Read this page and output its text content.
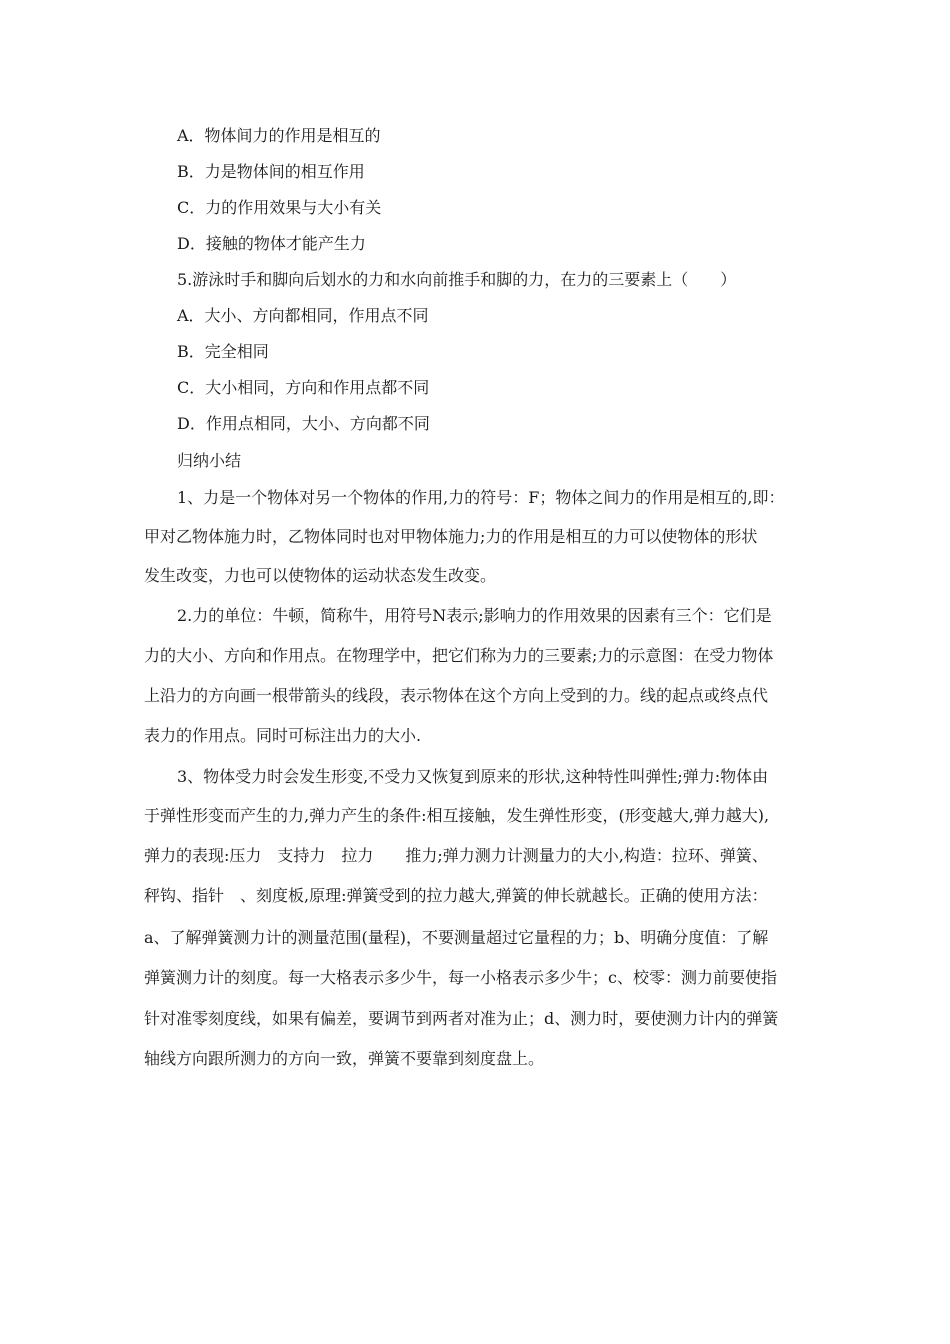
A．物体间力的作用是相互的
B．力是物体间的相互作用
C．力的作用效果与大小有关
D．接触的物体才能产生力
5.游泳时手和脚向后划水的力和水向前推手和脚的力，在力的三要素上（　　）
A．大小、方向都相同，作用点不同
B．完全相同
C．大小相同，方向和作用点都不同
D．作用点相同，大小、方向都不同
归纳小结
1、力是一个物体对另一个物体的作用,力的符号：F；物体之间力的作用是相互的,即：
甲对乙物体施力时，乙物体同时也对甲物体施力;力的作用是相互的力可以使物体的形状
发生改变，力也可以使物体的运动状态发生改变。
2.力的单位：牛顿，简称牛，用符号N表示;影响力的作用效果的因素有三个：它们是
力的大小、方向和作用点。在物理学中，把它们称为力的三要素;力的示意图：在受力物体
上沿力的方向画一根带箭头的线段，表示物体在这个方向上受到的力。线的起点或终点代
表力的作用点。同时可标注出力的大小.
3、物体受力时会发生形变,不受力又恢复到原来的形状,这种特性叫弹性;弹力:物体由
于弹性形变而产生的力,弹力产生的条件:相互接触，发生弹性形变，(形变越大,弹力越大),
弹力的表现:压力　支持力　拉力　　推力;弹力测力计测量力的大小,构造：拉环、弹簧、
秤钩、指针　、刻度板,原理:弹簧受到的拉力越大,弹簧的伸长就越长。正确的使用方法：
a、了解弹簧测力计的测量范围(量程)，不要测量超过它量程的力；b、明确分度值：了解
弹簧测力计的刻度。每一大格表示多少牛，每一小格表示多少牛；c、校零：测力前要使指
针对准零刻度线，如果有偏差，要调节到两者对准为止；d、测力时，要使测力计内的弹簧
轴线方向跟所测力的方向一致，弹簧不要靠到刻度盘上。
